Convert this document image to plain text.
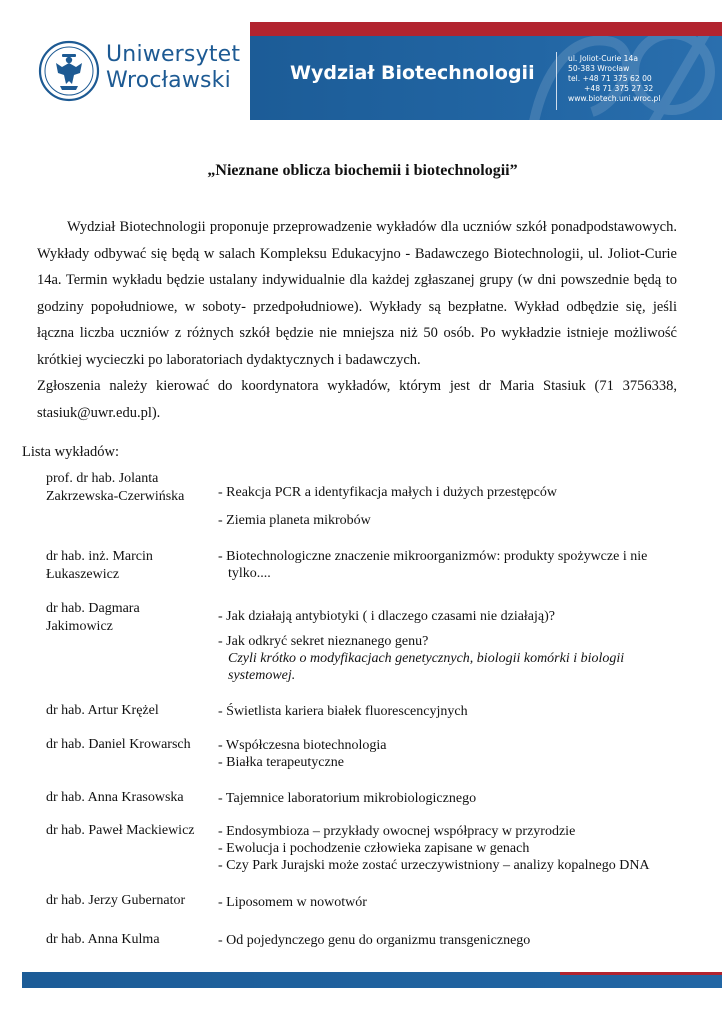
Uniwersytet
Wrocławski	Wydział Biotechnologii
ul. Joliot-Curie 14a
50-383 Wrocław
tel. +48 71 375 62 00
+48 71 375 27 32
www.biotech.uni.wroc.pl
„Nieznane oblicza biochemii i biotechnologii”

Wydział Biotechnologii proponuje przeprowadzenie wykładów dla uczniów szkół ponadpodstawowych. Wykłady odbywać się będą w salach Kompleksu Edukacyjno - Badawczego Biotechnologii, ul. Joliot-Curie 14a. Termin wykładu będzie ustalany indywidualnie dla każdej zgłaszanej grupy (w dni powszednie będą to godziny popołudniowe, w soboty- przedpołudniowe). Wykłady są bezpłatne. Wykład odbędzie się, jeśli łączna liczba uczniów z różnych szkół będzie nie mniejsza niż 50 osób. Po wykładzie istnieje możliwość krótkiej wycieczki po laboratoriach dydaktycznych i badawczych.

Zgłoszenia należy kierować do koordynatora wykładów, którym jest dr Maria Stasiuk (71 3756338, stasiuk@uwr.edu.pl).

Lista wykładów:
prof. dr hab. Jolanta
Zakrzewska-Czerwińska	- Reakcja PCR a identyfikacja małych i dużych przestępców
- Ziemia planeta mikrobów
dr hab. inż. Marcin
Łukaszewicz
- Biotechnologiczne znaczenie mikroorganizmów: produkty spożywcze i nie
tylko....
dr hab. Dagmara
Jakimowicz
- Jak działają antybiotyki ( i dlaczego czasami nie działają)?
- Jak odkryć sekret nieznanego genu?
Czyli krótko o modyfikacjach genetycznych, biologii komórki i biologii
systemowej.
dr hab. Artur Krężel	- Świetlista kariera białek fluorescencyjnych
dr hab. Daniel Krowarsch	- Współczesna biotechnologia
- Białka terapeutyczne
dr hab. Anna Krasowska	- Tajemnice laboratorium mikrobiologicznego
dr hab. Paweł Mackiewicz	- Endosymbioza – przykłady owocnej współpracy w przyrodzie
- Ewolucja i pochodzenie człowieka zapisane w genach
- Czy Park Jurajski może zostać urzeczywistniony – analizy kopalnego DNA
dr hab. Jerzy Gubernator	- Liposomem w nowotwór
dr hab. Anna Kulma	- Od pojedynczego genu do organizmu transgenicznego
